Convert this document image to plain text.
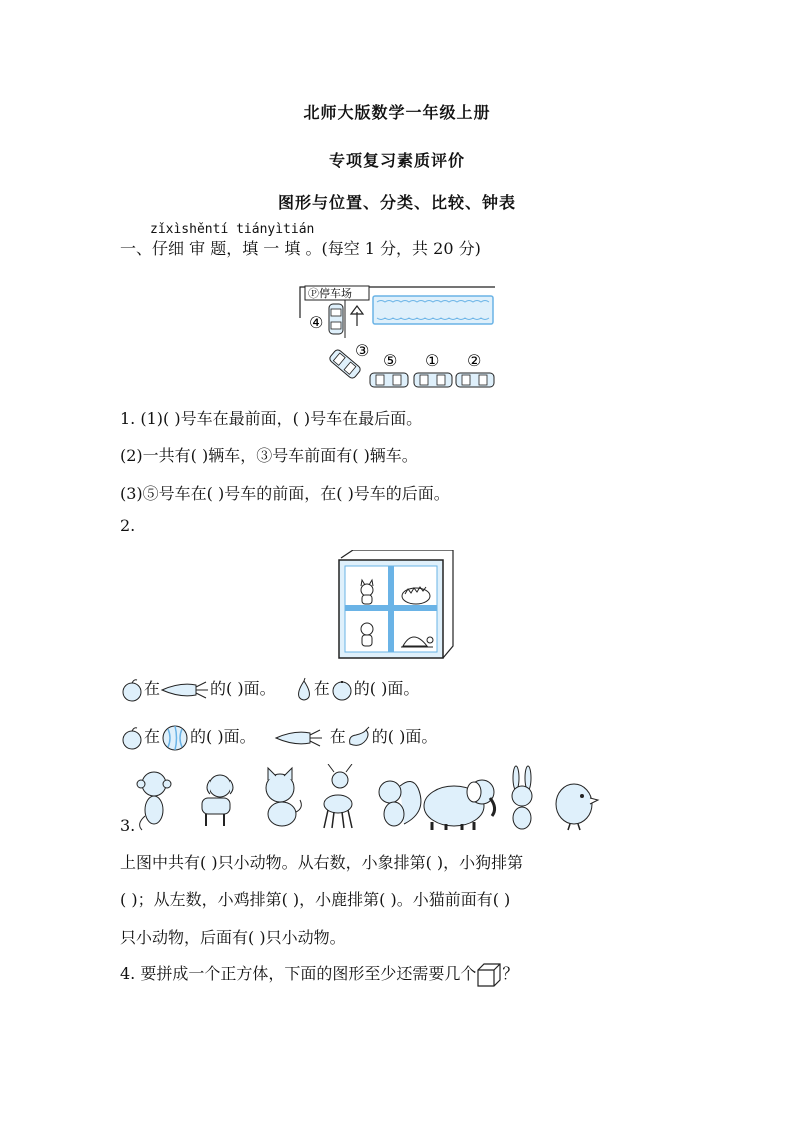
北师大版数学一年级上册
专项复习素质评价
图形与位置、分类、比较、钟表
zǐxìshěntí tiányìtián
一、仔细 审 题，填 一 填 。(每空 1 分，共 20 分)
Ⓟ停车场
④
③
⑤ ① ②
1. (1)( )号车在最前面，( )号车在最后面。
(2)一共有( )辆车，③号车前面有( )辆车。
(3)⑤号车在( )号车的前面，在( )号车的后面。
2.
在	的( )面。 在 的( )面。
在 的( )面。	在 的( )面。
3.
上图中共有( )只小动物。从右数，小象排第( )，小狗排第
( )；从左数，小鸡排第( )，小鹿排第( )。小猫前面有( )
只小动物，后面有( )只小动物。
4. 要拼成一个正方体，下面的图形至少还需要几个 ？
